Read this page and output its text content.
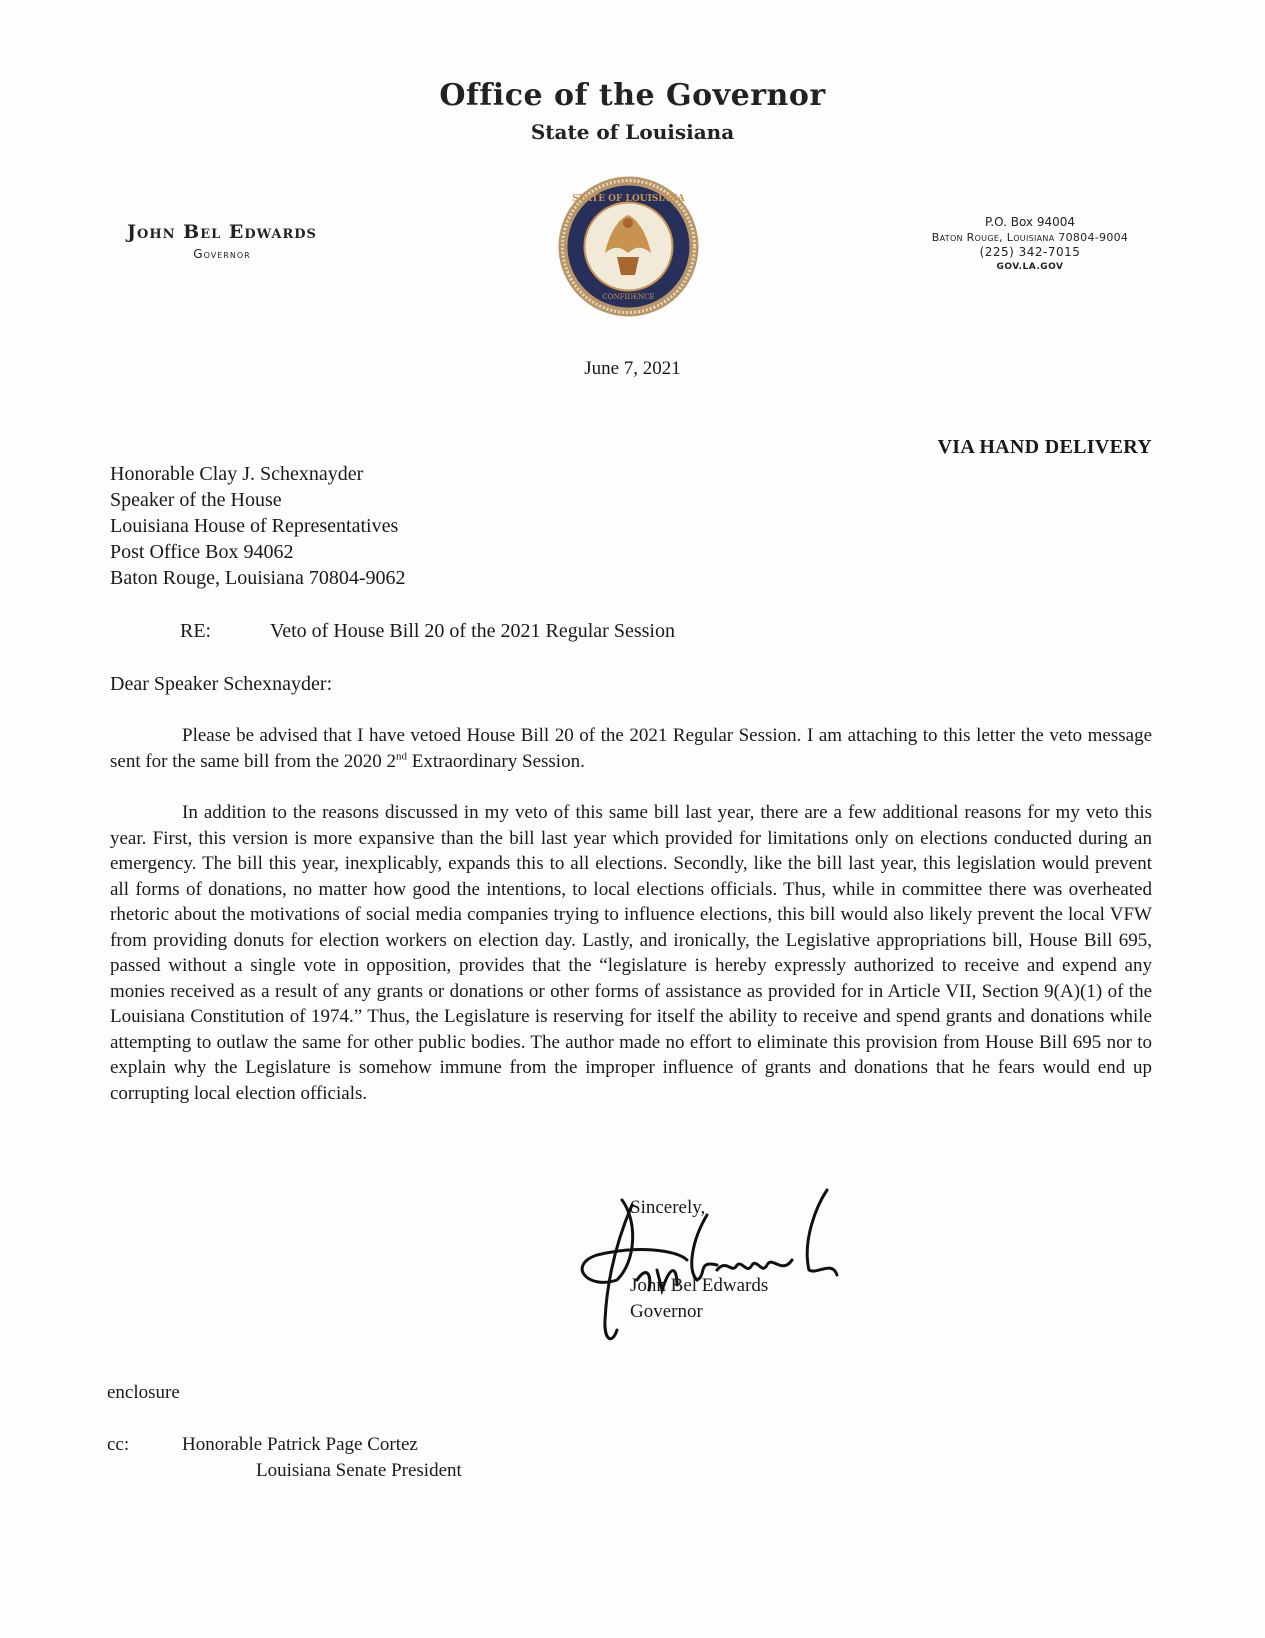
Office of the Governor
State of Louisiana
John Bel Edwards
Governor
STATE OF LOUISIANA
CONFIDENCE
P.O. Box 94004
Baton Rouge, Louisiana 70804-9004
(225) 342-7015
GOV.LA.GOV
June 7, 2021
VIA HAND DELIVERY
Honorable Clay J. Schexnayder
Speaker of the House
Louisiana House of Representatives
Post Office Box 94062
Baton Rouge, Louisiana 70804-9062
RE:	Veto of House Bill 20 of the 2021 Regular Session
Dear Speaker Schexnayder:
Please be advised that I have vetoed House Bill 20 of the 2021 Regular Session. I am attaching to this letter the veto message sent for the same bill from the 2020 2nd Extraordinary Session.
In addition to the reasons discussed in my veto of this same bill last year, there are a few additional reasons for my veto this year. First, this version is more expansive than the bill last year which provided for limitations only on elections conducted during an emergency. The bill this year, inexplicably, expands this to all elections. Secondly, like the bill last year, this legislation would prevent all forms of donations, no matter how good the intentions, to local elections officials. Thus, while in committee there was overheated rhetoric about the motivations of social media companies trying to influence elections, this bill would also likely prevent the local VFW from providing donuts for election workers on election day. Lastly, and ironically, the Legislative appropriations bill, House Bill 695, passed without a single vote in opposition, provides that the “legislature is hereby expressly authorized to receive and expend any monies received as a result of any grants or donations or other forms of assistance as provided for in Article VII, Section 9(A)(1) of the Louisiana Constitution of 1974.” Thus, the Legislature is reserving for itself the ability to receive and spend grants and donations while attempting to outlaw the same for other public bodies. The author made no effort to eliminate this provision from House Bill 695 nor to explain why the Legislature is somehow immune from the improper influence of grants and donations that he fears would end up corrupting local election officials.
Sincerely,
John Bel Edwards
Governor
enclosure
cc:	Honorable Patrick Page Cortez
Louisiana Senate President
